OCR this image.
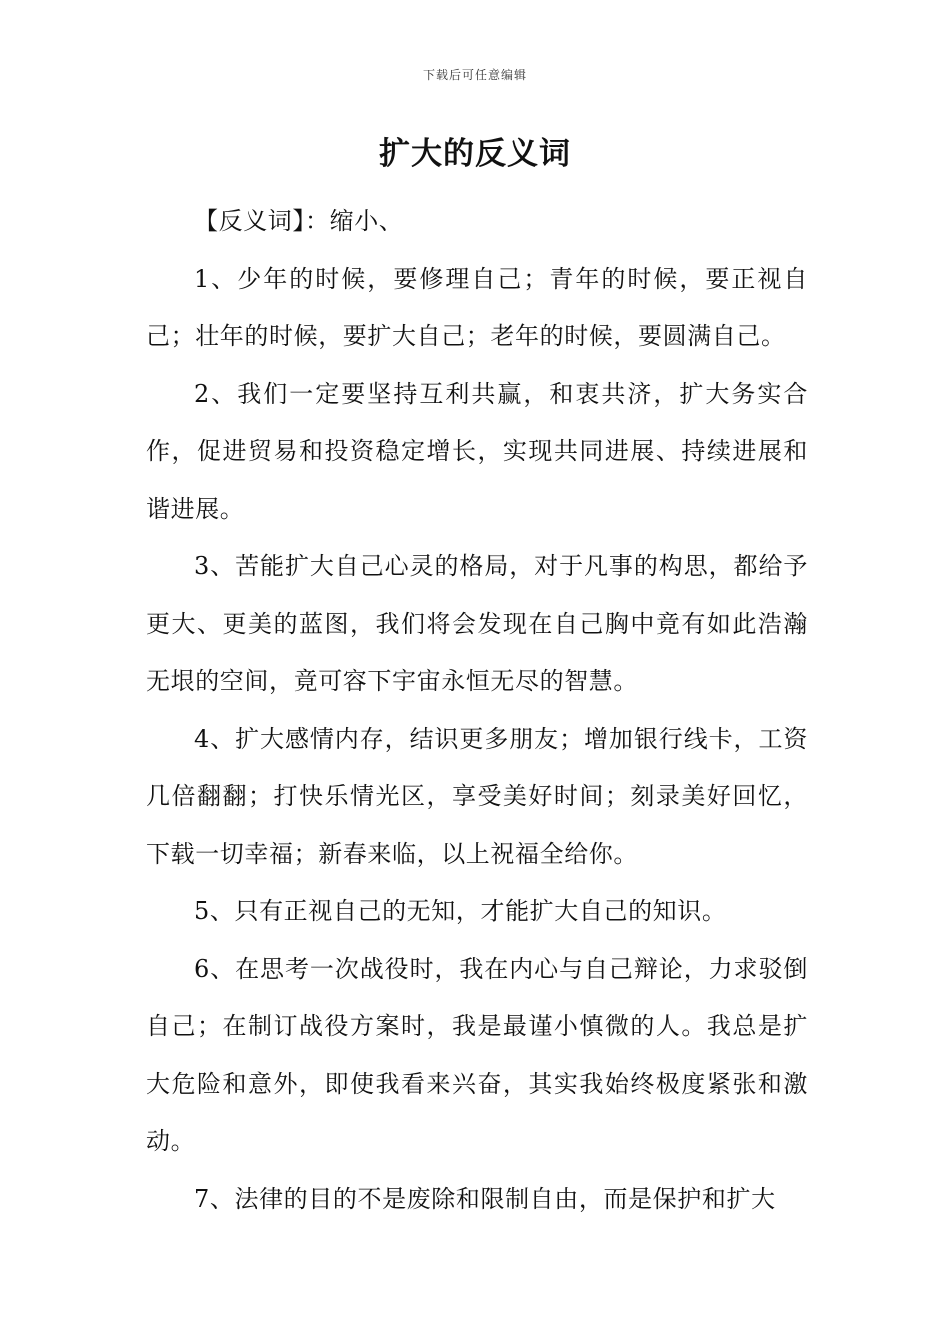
下载后可任意编辑
扩大的反义词

【反义词】：缩小、

1、少年的时候，要修理自己；青年的时候，要正视自己；壮年的时候，要扩大自己；老年的时候，要圆满自己。

2、我们一定要坚持互利共赢，和衷共济，扩大务实合作，促进贸易和投资稳定增长，实现共同进展、持续进展和谐进展。

3、苦能扩大自己心灵的格局，对于凡事的构思，都给予更大、更美的蓝图，我们将会发现在自己胸中竟有如此浩瀚无垠的空间，竟可容下宇宙永恒无尽的智慧。

4、扩大感情内存，结识更多朋友；增加银行线卡，工资几倍翻翻；打快乐情光区，享受美好时间；刻录美好回忆，下载一切幸福；新春来临，以上祝福全给你。

5、只有正视自己的无知，才能扩大自己的知识。

6、在思考一次战役时，我在内心与自己辩论，力求驳倒自己；在制订战役方案时，我是最谨小慎微的人。我总是扩大危险和意外，即使我看来兴奋，其实我始终极度紧张和激动。

7、法律的目的不是废除和限制自由，而是保护和扩大
